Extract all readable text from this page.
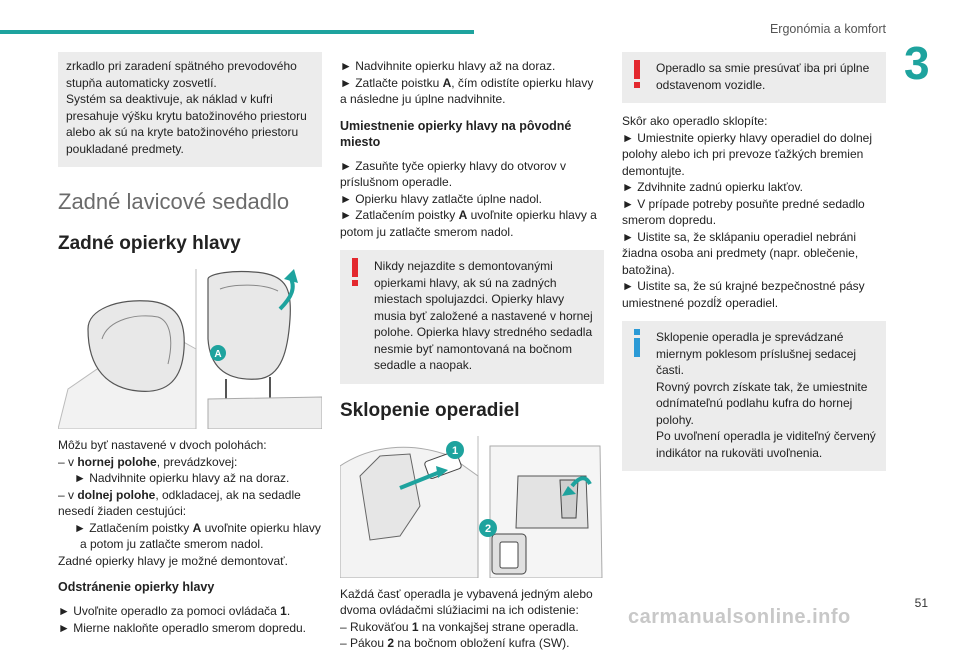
Ergonómia a komfort
3
51
zrkadlo pri zaradení spätného prevodového
stupňa automaticky zosvetlí.
Systém sa deaktivuje, ak náklad v kufri
presahuje výšku krytu batožinového priestoru
alebo ak sú na kryte batožinového priestoru
poukladané predmety.
Zadné lavicové sedadlo
Zadné opierky hlavy
A
Môžu byť nastavené v dvoch polohách:
– v hornej polohe, prevádzkovej:
► Nadvihnite opierku hlavy až na doraz.
– v dolnej polohe, odkladacej, ak na sedadle
nesedí žiaden cestujúci:
► Zatlačením poistky A uvoľnite opierku hlavy
a potom ju zatlačte smerom nadol.
Zadné opierky hlavy je možné demontovať.
Odstránenie opierky hlavy
► Uvoľnite operadlo za pomoci ovládača 1.
► Mierne nakloňte operadlo smerom dopredu.
► Nadvihnite opierku hlavy až na doraz.
► Zatlačte poistku A, čím odistíte opierku hlavy
a následne ju úplne nadvihnite.
Umiestnenie opierky hlavy na pôvodné miesto
► Zasuňte tyče opierky hlavy do otvorov v príslušnom operadle.
► Opierku hlavy zatlačte úplne nadol.
► Zatlačením poistky A uvoľnite opierku hlavy a potom ju zatlačte smerom nadol.
Nikdy nejazdite s demontovanými opierkami hlavy, ak sú na zadných miestach spolujazdci. Opierky hlavy musia byť založené a nastavené v hornej polohe. Opierka hlavy stredného sedadla nesmie byť namontovaná na bočnom sedadle a naopak.
Sklopenie operadiel
1
2
Každá časť operadla je vybavená jedným alebo dvoma ovládačmi slúžiacimi na ich odistenie:
– Rukoväťou 1 na vonkajšej strane operadla.
– Pákou 2 na bočnom obložení kufra (SW).
Operadlo sa smie presúvať iba pri úplne odstavenom vozidle.
Skôr ako operadlo sklopíte:
► Umiestnite opierky hlavy operadiel do dolnej polohy alebo ich pri prevoze ťažkých bremien demontujte.
► Zdvihnite zadnú opierku lakťov.
► V prípade potreby posuňte predné sedadlo smerom dopredu.
► Uistite sa, že sklápaniu operadiel nebráni žiadna osoba ani predmety (napr. oblečenie, batožina).
► Uistite sa, že sú krajné bezpečnostné pásy umiestnené pozdĺž operadiel.
Sklopenie operadla je sprevádzané miernym poklesom príslušnej sedacej časti.
Rovný povrch získate tak, že umiestnite odnímateľnú podlahu kufra do hornej polohy.
Po uvoľnení operadla je viditeľný červený indikátor na rukoväti uvoľnenia.
carmanualsonline.info
